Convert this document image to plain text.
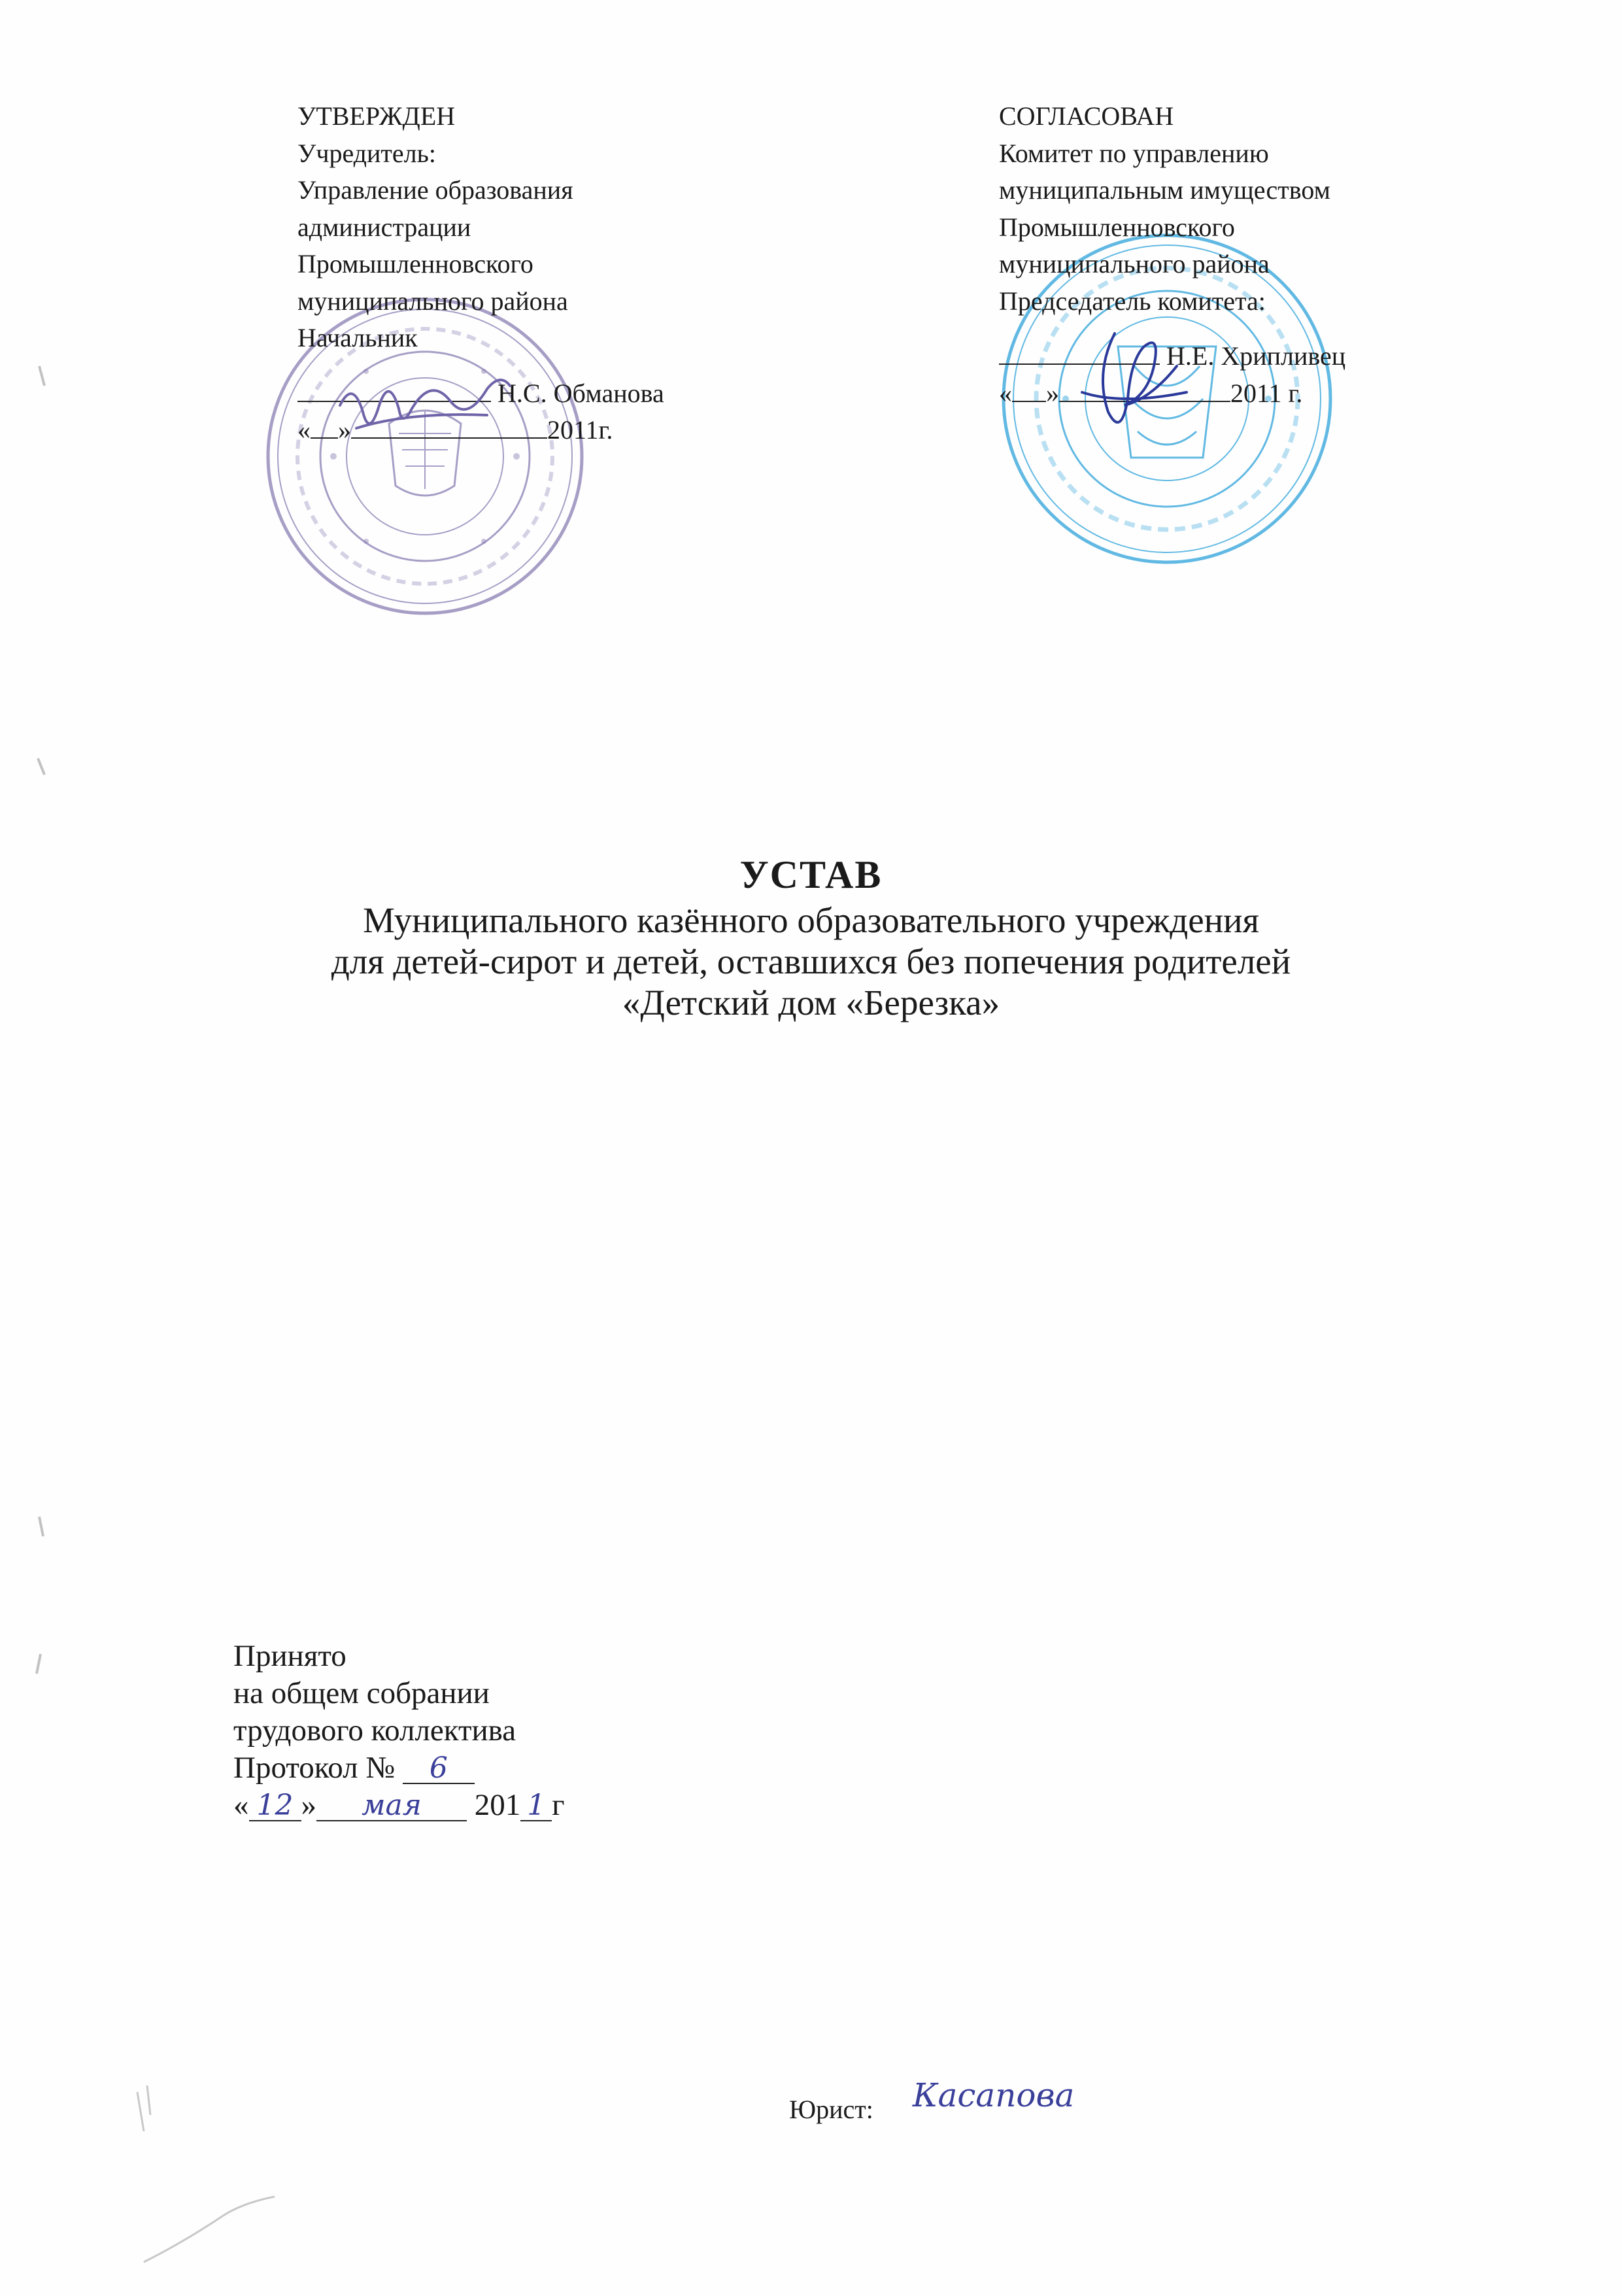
УТВЕРЖДЕН
Учредитель:
Управление образования
администрации
Промышленновского
муниципального района
Начальник
Н.С. Обманова
« »	2011г.
СОГЛАСОВАН
Комитет по управлению
муниципальным имуществом
Промышленновского
муниципального района
Председатель комитета:
Н.Е. Хрипливец
« »	2011 г.
УСТАВ
Муниципального казённого образовательного учреждения
для детей-сирот и детей, оставшихся без попечения родителей
«Детский дом «Березка»
Принято
на общем собрании
трудового коллектива
Протокол № 6
« 12 » мая 201 1 г
Юрист: Касаnoва
